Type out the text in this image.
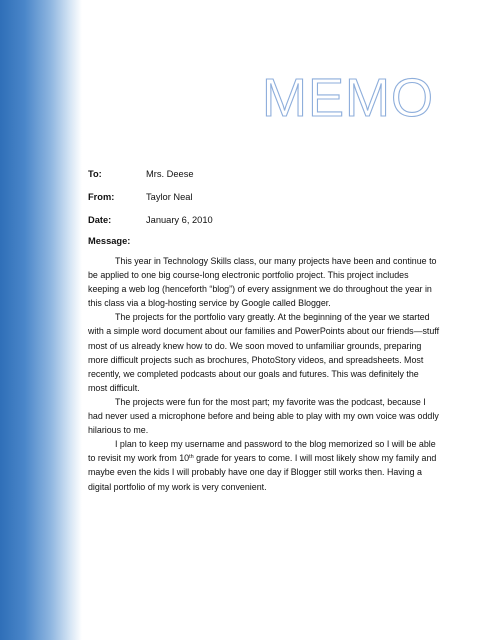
MEMO
To:	Mrs. Deese
From:	Taylor Neal
Date:	January 6, 2010
Message:

This year in Technology Skills class, our many projects have been and continue to be applied to one big course-long electronic portfolio project. This project includes keeping a web log (henceforth “blog”) of every assignment we do throughout the year in this class via a blog-hosting service by Google called Blogger.

The projects for the portfolio vary greatly. At the beginning of the year we started with a simple word document about our families and PowerPoints about our friends—stuff most of us already knew how to do. We soon moved to unfamiliar grounds, preparing more difficult projects such as brochures, PhotoStory videos, and spreadsheets. Most recently, we completed podcasts about our goals and futures. This was definitely the most difficult.

The projects were fun for the most part; my favorite was the podcast, because I had never used a microphone before and being able to play with my own voice was oddly hilarious to me.

I plan to keep my username and password to the blog memorized so I will be able to revisit my work from 10th grade for years to come. I will most likely show my family and maybe even the kids I will probably have one day if Blogger still works then. Having a digital portfolio of my work is very convenient.
